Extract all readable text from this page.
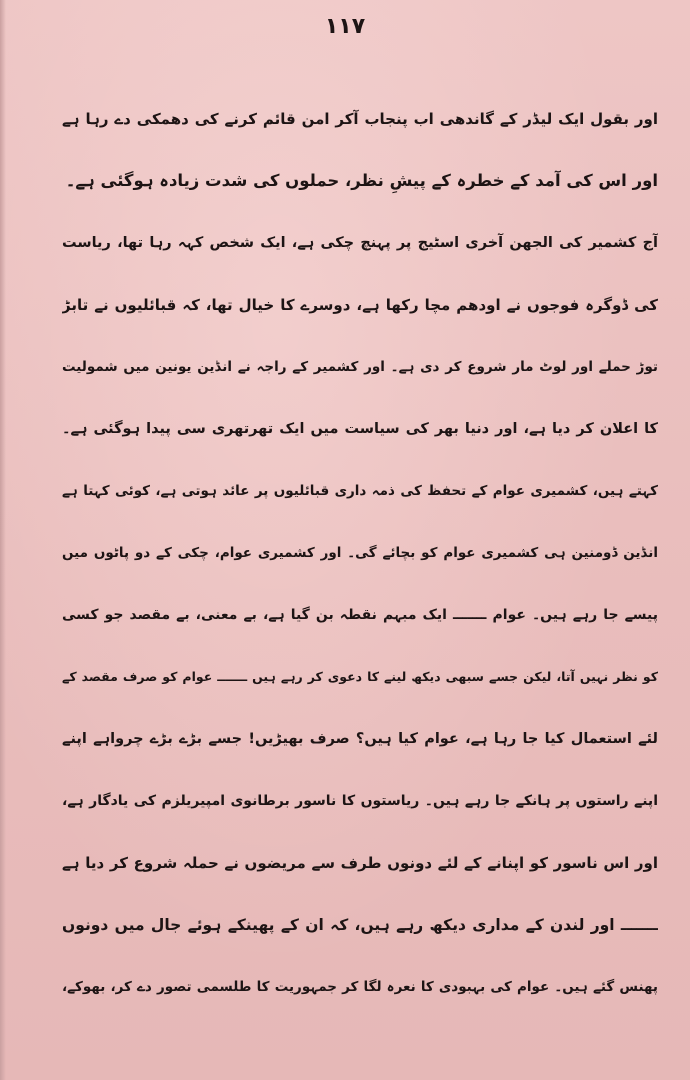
۱۱۷
اور بقول ایک لیڈر کے گاندھی اب پنجاب آکر امن قائم کرنے کی دھمکی دے رہا ہے
اور اس کی آمد کے خطرہ کے پیشِ نظر، حملوں کی شدت زیادہ ہوگئی ہے۔
آج کشمیر کی الجھن آخری اسٹیج پر پہنچ چکی ہے، ایک شخص کہہ رہا تھا، ریاست
کی ڈوگرہ فوجوں نے اودھم مچا رکھا ہے، دوسرے کا خیال تھا، کہ قبائلیوں نے تابڑ
توڑ حملے اور لوٹ مار شروع کر دی ہے۔ اور کشمیر کے راجہ نے انڈین یونین میں شمولیت
کا اعلان کر دیا ہے، اور دنیا بھر کی سیاست میں ایک تھرتھری سی پیدا ہوگئی ہے۔
کہتے ہیں، کشمیری عوام کے تحفظ کی ذمہ داری قبائلیوں پر عائد ہوتی ہے، کوئی کہتا ہے
انڈین ڈومنین ہی کشمیری عوام کو بچائے گی۔ اور کشمیری عوام، چکی کے دو پاٹوں میں
پیسے جا رہے ہیں۔ عوام ـــــــ ایک مبہم نقطہ بن گیا ہے، بے معنی، بے مقصد جو کسی
کو نظر نہیں آتا، لیکن جسے سبھی دیکھ لینے کا دعوی کر رہے ہیں ـــــــ عوام کو صرف مقصد کے
لئے استعمال کیا جا رہا ہے، عوام کیا ہیں؟ صرف بھیڑیں! جسے بڑے بڑے چرواہے اپنے
اپنے راستوں پر ہانکے جا رہے ہیں۔ ریاستوں کا ناسور برطانوی امپیریلزم کی یادگار ہے،
اور اس ناسور کو اپنانے کے لئے دونوں طرف سے مریضوں نے حملہ شروع کر دیا ہے
ـــــــ اور لندن کے مداری دیکھ رہے ہیں، کہ ان کے پھینکے ہوئے جال میں دونوں
پھنس گئے ہیں۔ عوام کی بہبودی کا نعرہ لگا کر جمہوریت کا طلسمی تصور دے کر، بھوکے،
